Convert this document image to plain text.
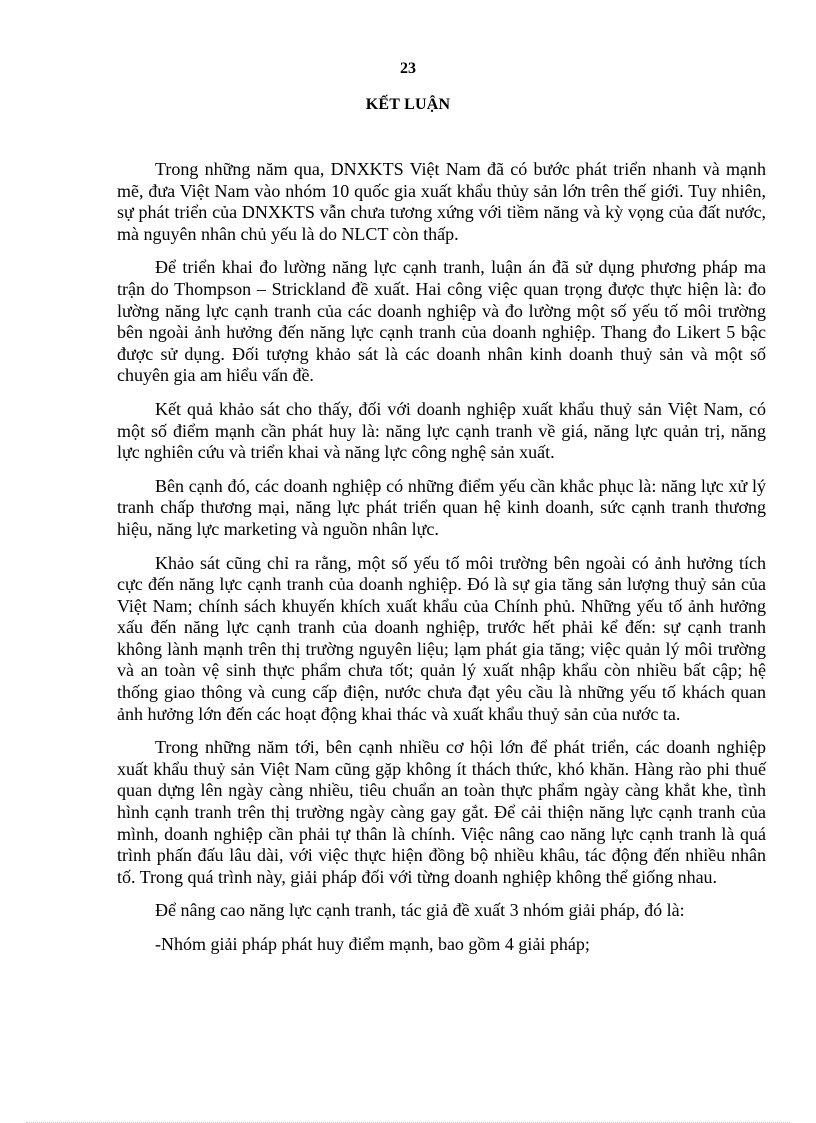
23
KẾT LUẬN

Trong những năm qua, DNXKTS Việt Nam đã có bước phát triển nhanh và mạnh mẽ, đưa Việt Nam vào nhóm 10 quốc gia xuất khẩu thủy sản lớn trên thế giới. Tuy nhiên, sự phát triển của DNXKTS vẫn chưa tương xứng với tiềm năng và kỳ vọng của đất nước, mà nguyên nhân chủ yếu là do NLCT còn thấp.

Để triển khai đo lường năng lực cạnh tranh, luận án đã sử dụng phương pháp ma trận do Thompson – Strickland đề xuất. Hai công việc quan trọng được thực hiện là: đo lường năng lực cạnh tranh của các doanh nghiệp và đo lường một số yếu tố môi trường bên ngoài ảnh hưởng đến năng lực cạnh tranh của doanh nghiệp. Thang đo Likert 5 bậc được sử dụng. Đối tượng khảo sát là các doanh nhân kinh doanh thuỷ sản và một số chuyên gia am hiểu vấn đề.

Kết quả khảo sát cho thấy, đối với doanh nghiệp xuất khẩu thuỷ sản Việt Nam, có một số điểm mạnh cần phát huy là: năng lực cạnh tranh về giá, năng lực quản trị, năng lực nghiên cứu và triển khai và năng lực công nghệ sản xuất.

Bên cạnh đó, các doanh nghiệp có những điểm yếu cần khắc phục là: năng lực xử lý tranh chấp thương mại, năng lực phát triển quan hệ kinh doanh, sức cạnh tranh thương hiệu, năng lực marketing và nguồn nhân lực.

Khảo sát cũng chỉ ra rằng, một số yếu tố môi trường bên ngoài có ảnh hưởng tích cực đến năng lực cạnh tranh của doanh nghiệp. Đó là sự gia tăng sản lượng thuỷ sản của Việt Nam; chính sách khuyến khích xuất khẩu của Chính phủ. Những yếu tố ảnh hưởng xấu đến năng lực cạnh tranh của doanh nghiệp, trước hết phải kể đến: sự cạnh tranh không lành mạnh trên thị trường nguyên liệu; lạm phát gia tăng; việc quản lý môi trường và an toàn vệ sinh thực phẩm chưa tốt; quản lý xuất nhập khẩu còn nhiều bất cập; hệ thống giao thông và cung cấp điện, nước chưa đạt yêu cầu là những yếu tố khách quan ảnh hưởng lớn đến các hoạt động khai thác và xuất khẩu thuỷ sản của nước ta.

Trong những năm tới, bên cạnh nhiều cơ hội lớn để phát triển, các doanh nghiệp xuất khẩu thuỷ sản Việt Nam cũng gặp không ít thách thức, khó khăn. Hàng rào phi thuế quan dựng lên ngày càng nhiều, tiêu chuẩn an toàn thực phẩm ngày càng khắt khe, tình hình cạnh tranh trên thị trường ngày càng gay gắt. Để cải thiện năng lực cạnh tranh của mình, doanh nghiệp cần phải tự thân là chính. Việc nâng cao năng lực cạnh tranh là quá trình phấn đấu lâu dài, với việc thực hiện đồng bộ nhiều khâu, tác động đến nhiều nhân tố. Trong quá trình này, giải pháp đối với từng doanh nghiệp không thể giống nhau.

Để nâng cao năng lực cạnh tranh, tác giả đề xuất 3 nhóm giải pháp, đó là:

-Nhóm giải pháp phát huy điểm mạnh, bao gồm 4 giải pháp;
